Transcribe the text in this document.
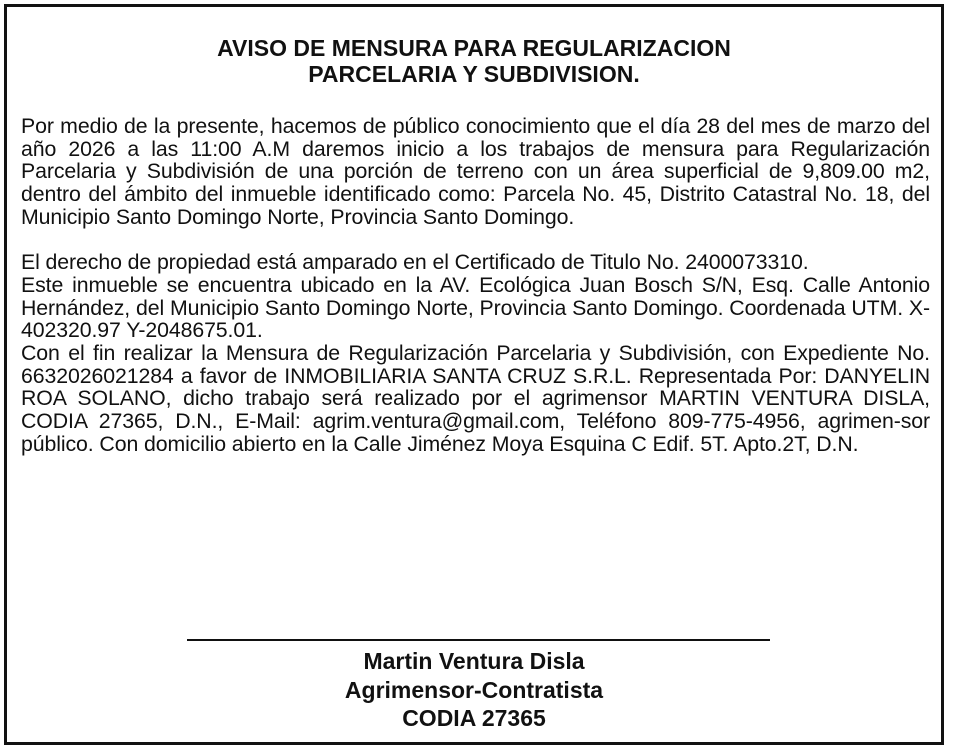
AVISO DE MENSURA PARA REGULARIZACION
PARCELARIA Y SUBDIVISION.

Por medio de la presente, hacemos de público conocimiento que el día 28 del mes de marzo del año 2026 a las 11:00 A.M daremos inicio a los trabajos de mensura para Regularización Parcelaria y Subdivisión de una porción de terreno con un área superficial de 9,809.00 m2, dentro del ámbito del inmueble identificado como: Parcela No. 45, Distrito Catastral No. 18, del Municipio Santo Domingo Norte, Provincia Santo Domingo.

El derecho de propiedad está amparado en el Certificado de Titulo No. 2400073310.

Este inmueble se encuentra ubicado en la AV. Ecológica Juan Bosch S/N, Esq. Calle Antonio Hernández, del Municipio Santo Domingo Norte, Provincia Santo Domingo. Coordenada UTM. X- 402320.97 Y-2048675.01.

Con el fin realizar la Mensura de Regularización Parcelaria y Subdivisión, con Expediente No. 6632026021284 a favor de INMOBILIARIA SANTA CRUZ S.R.L. Representada Por: DANYELIN ROA SOLANO, dicho trabajo será realizado por el agrimensor MARTIN VENTURA DISLA, CODIA 27365, D.N., E-Mail: agrim.ventura@gmail.com, Teléfono 809-775-4956, agrimen-sor público. Con domicilio abierto en la Calle Jiménez Moya Esquina C Edif. 5T. Apto.2T, D.N.

Martin Ventura Disla
Agrimensor-Contratista
CODIA 27365
